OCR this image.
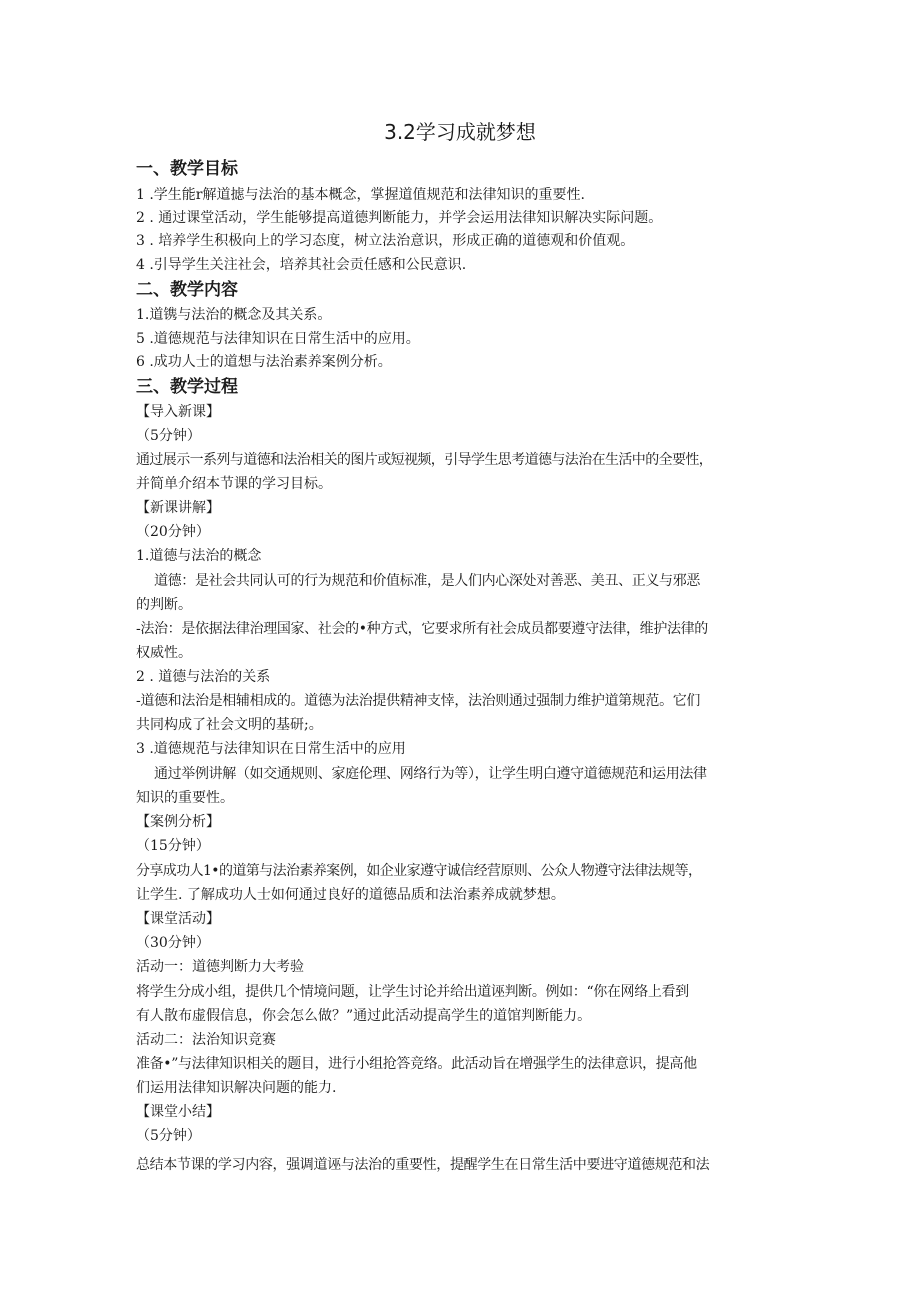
3.2学习成就梦想
一、教学目标
1 .学生能r解道摅与法治的基本概念，掌握道值规范和法律知识的重要性.
2 . 通过课堂活动，学生能够提高道德判断能力，并学会运用法律知识解决实际问题。
3 . 培养学生积极向上的学习态度，树立法治意识，形成正确的道德观和价值观。
4 .引导学生关注社会，培养其社会贡任感和公民意识.
二、教学内容
1.道镌与法治的概念及其关系。
5 .道德规范与法律知识在日常生活中的应用。
6 .成功人士的道想与法治素养案例分析。
三、教学过程
【导入新课】
（5分钟）
通过展示一系列与道德和法治相关的图片或短视频，引导学生思考道德与法治在生活中的全要性，
并简单介绍本节课的学习目标。
【新课讲解】
（20分钟）
1.道德与法治的概念
道德：是社会共同认可的行为规范和价值标准，是人们内心深处对善恶、美丑、正义与邪恶
的判断。
-法治：是依据法律治理国家、社会的•种方式，它要求所有社会成员都要遵守法律，维护法律的
权威性。
2 . 道德与法治的关系
-道德和法治是相辅相成的。道德为法治提供精神支悻，法治则通过强制力维护道第规范。它们
共同构成了社会文明的基研;。
3 .道德规范与法律知识在日常生活中的应用
通过举例讲解（如交通规则、家庭伦理、网络行为等），让学生明白遵守道德规范和运用法律
知识的重要性。
【案例分析】
（15分钟）
分享成功人1•的道第与法治素养案例，如企业家遵守诚信经营原则、公众人物遵守法律法规等，
让学生. 了解成功人士如何通过良好的道德品质和法治素养成就梦想。
【课堂活动】
（30分钟）
活动一：道德判断力大考验
将学生分成小组，提供几个情境问题，让学生讨论并给出道诬判断。例如：“你在网络上看到
有人散布虚假信息，你会怎么做？”通过此活动提高学生的道馆判断能力。
活动二：法治知识竞赛
准备•”与法律知识相关的题目，进行小组抢答竞络。此活动旨在增强学生的法律意识，提高他
们运用法律知识解决问题的能力.
【课堂小结】
（5分钟）
总结本节课的学习内容，强调道诬与法治的重要性，提醒学生在日常生活中要进守道德规范和法
